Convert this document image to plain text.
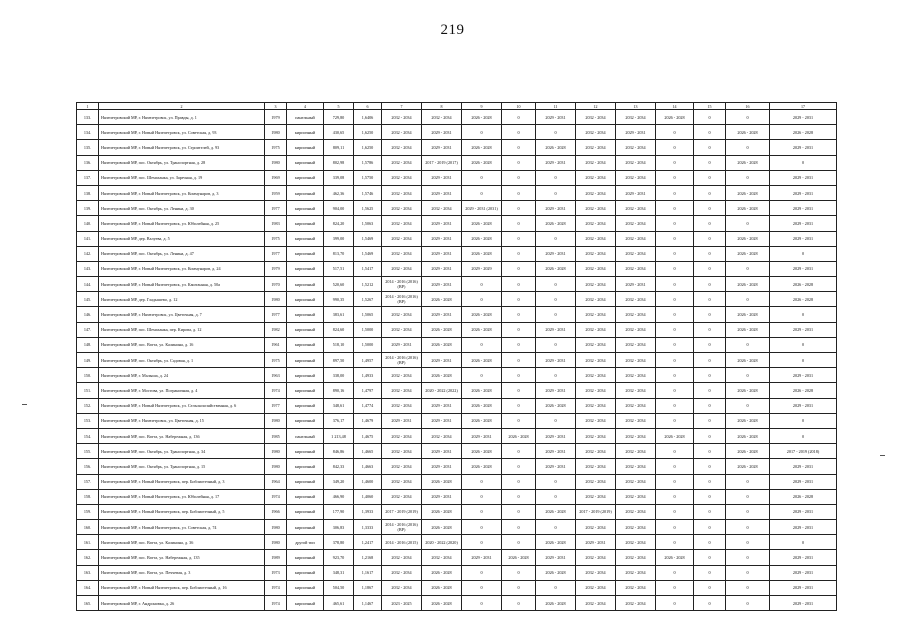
219
1	2	3	4	5	6	7	8	9	10	11	12	13	14	15	16	17
133.	Нязепетровский МР, г. Нязепетровск, ул. Правды, д. 1	1979	панельный	729,80	1,6406	2032 - 2034	2032 - 2034	2026 - 2028	0	2029 - 2031	2032 - 2034	2032 - 2034	2026 - 2028	0	0	2029 - 2031
134.	Нязепетровский МР, г. Новый Нязепетровск, ул. Советская, д. 93	1980	кирпичный	430,65	1,6250	2032 - 2034	2029 - 2031	0	0	0	2032 - 2034	2029 - 2031	0	0	2026 - 2028	2026 - 2028
135.	Нязепетровский МР, г. Новый Нязепетровск, ул. Строителей, д. 93	1975	кирпичный	809,11	1,6250	2032 - 2034	2029 - 2031	2026 - 2028	0	2026 - 2028	2032 - 2034	2032 - 2034	0	0	0	2029 - 2031
136.	Нязепетровский МР, пос. Октябрь, ул. Транспортная, д. 28	1980	кирпичный	802,98	1,5786	2032 - 2034	2017 - 2019 (2017)	2026 - 2028	0	2029 - 2031	2032 - 2034	2032 - 2034	0	0	2026 - 2028	0
137.	Нязепетровский МР, пос. Шемаханка, ул. Заречная, д. 19	1969	кирпичный	339,08	1,5750	2032 - 2034	2029 - 2031	0	0	0	2032 - 2034	2032 - 2034	0	0	0	2029 - 2031
138.	Нязепетровский МР, г. Новый Нязепетровск, ул. Коммунаров, д. 3	1959	кирпичный	462,36	1,5746	2032 - 2034	2029 - 2031	0	0	0	2032 - 2034	2029 - 2031	0	0	2026 - 2028	2029 - 2031
139.	Нязепетровский МР, пос. Октябрь, ул. Ленина, д. 30	1977	кирпичный	904,00	1,5625	2032 - 2034	2032 - 2034	2029 - 2031 (2031)	0	2029 - 2031	2032 - 2034	2032 - 2034	0	0	2026 - 2028	2029 - 2031
140.	Нязепетровский МР, г. Новый Нязепетровск, ул. Юбилейная, д. 25	1983	кирпичный	824,20	1,5063	2032 - 2034	2029 - 2031	2026 - 2028	0	2026 - 2028	2032 - 2034	2032 - 2034	0	0	0	2029 - 2031
141.	Нязепетровский МР, дер. Валуева, д. 5	1975	кирпичный	399,00	1,5469	2032 - 2034	2029 - 2031	2026 - 2028	0	0	2032 - 2034	2032 - 2034	0	0	2026 - 2028	2029 - 2031
142.	Нязепетровский МР, пос. Октябрь, ул. Ленина, д. 47	1977	кирпичный	813,70	1,5469	2032 - 2034	2029 - 2031	2026 - 2028	0	2029 - 2031	2032 - 2034	2032 - 2034	0	0	2026 - 2028	0
143.	Нязепетровский МР, г. Новый Нязепетровск, ул. Коммунаров, д. 24	1979	кирпичный	517,51	1,5417	2032 - 2034	2029 - 2031	2029 - 2029	0	2026 - 2028	2032 - 2034	2032 - 2034	0	0	0	2029 - 2031
144.	Нязепетровский МР, г. Новый Нязепетровск, ул. Каштанная, д. 50а	1970	кирпичный	520,60	1,5212	2014 - 2016 (2016)(ВР)	2029 - 2031	0	0	0	2032 - 2034	2029 - 2031	0	0	2026 - 2028	2026 - 2028
145.	Нязепетровский МР, дер. Гладышево, д. 12	1980	кирпичный	990,35	1,5267	2014 - 2016 (2016)(ВР)	2026 - 2028	0	0	0	2032 - 2034	2032 - 2034	0	0	0	2026 - 2028
146.	Нязепетровский МР, г. Нязепетровск, ул. Цветочная, д. 7	1977	кирпичный	383,61	1,5065	2032 - 2034	2029 - 2031	2026 - 2028	0	0	2032 - 2034	2032 - 2034	0	0	2026 - 2028	0
147.	Нязепетровский МР, пос. Шемаханка, пер. Кирова, д. 12	1982	кирпичный	824,60	1,5000	2032 - 2034	2026 - 2028	2026 - 2028	0	2029 - 2031	2032 - 2034	2032 - 2034	0	0	2026 - 2028	2029 - 2031
148.	Нязепетровский МР, пос. Ватта, ул. Калинина, д. 16	1961	кирпичный	518,10	1,5000	2029 - 2031	2026 - 2028	0	0	0	2032 - 2034	2032 - 2034	0	0	0	0
149.	Нязепетровский МР, пос. Октябрь, ул. Садовая, д. 1	1975	кирпичный	897,50	1,4957	2014 - 2016 (2016)(ВР)	2029 - 2031	2026 - 2028	0	2029 - 2031	2032 - 2034	2032 - 2034	0	0	2026 - 2028	0
150.	Нязепетровский МР, г. Малыша, д. 24	1963	кирпичный	338,00	1,4933	2032 - 2034	2026 - 2028	0	0	0	2032 - 2034	2032 - 2034	0	0	0	2029 - 2031
151.	Нязепетровский МР, г. Мостова, ул. Пограничная, д. 4	1974	кирпичный	890,16	1,4797	2032 - 2034	2020 - 2022 (2022)	2026 - 2028	0	2029 - 2031	2032 - 2034	2032 - 2034	0	0	2026 - 2028	2026 - 2028
152.	Нязепетровский МР, г. Новый Нязепетровск, ул. Сельскохозяйственная, д. 6	1977	кирпичный	348,61	1,4774	2032 - 2034	2029 - 2031	2026 - 2028	0	2026 - 2028	2032 - 2034	2032 - 2034	0	0	0	2029 - 2031
153.	Нязепетровский МР, г. Нязепетровск, ул. Цветочная, д. 15	1980	кирпичный	376,17	1,4679	2029 - 2031	2029 - 2031	2026 - 2028	0	0	2032 - 2034	2032 - 2034	0	0	2026 - 2028	0
154.	Нязепетровский МР, пос. Ватта, ул. Набережная, д. 136	1985	панельный	1 213,48	1,4675	2032 - 2034	2032 - 2034	2029 - 2031	2026 - 2028	2029 - 2031	2032 - 2034	2032 - 2034	2026 - 2028	0	2026 - 2028	0
155.	Нязепетровский МР, пос. Октябрь, ул. Транспортная, д. 34	1980	кирпичный	846,86	1,4665	2032 - 2034	2029 - 2031	2026 - 2028	0	2029 - 2031	2032 - 2034	2032 - 2034	0	0	2026 - 2028	2017 - 2019 (2018)
156.	Нязепетровский МР, пос. Октябрь, ул. Транспортная, д. 15	1980	кирпичный	842,33	1,4663	2032 - 2034	2029 - 2031	2026 - 2028	0	2029 - 2031	2032 - 2034	2032 - 2034	0	0	2026 - 2028	2029 - 2031
157.	Нязепетровский МР, г. Новый Нязепетровск, пер. Библиотечный, д. 3	1964	кирпичный	349,20	1,4600	2032 - 2034	2026 - 2028	0	0	0	2032 - 2034	2032 - 2034	0	0	0	2029 - 2031
158.	Нязепетровский МР, г. Новый Нязепетровск, ул. Юбилейная, д. 17	1974	кирпичный	466,90	1,4060	2032 - 2034	2029 - 2031	0	0	0	2032 - 2034	2032 - 2034	0	0	0	2026 - 2028
159.	Нязепетровский МР, г. Новый Нязепетровск, пер. Библиотечный, д. 5	1966	кирпичный	177,90	1,3933	2017 - 2019 (2019)	2026 - 2028	0	0	2026 - 2028	2017 - 2019 (2019)	2032 - 2034	0	0	0	2029 - 2031
160.	Нязепетровский МР, г. Новый Нязепетровск, ул. Советская, д. 74	1980	кирпичный	306,83	1,3333	2014 - 2016 (2016)(ВР)	2026 - 2028	0	0	0	2032 - 2034	2032 - 2034	0	0	0	2029 - 2031
161.	Нязепетровский МР, пос. Ватта, ул. Калинина, д. 36	1980	другой тип	378,80	1,2417	2014 - 2016 (2015)	2020 - 2022 (2020)	0	0	2026 - 2028	2029 - 2031	2032 - 2034	0	0	0	0
162.	Нязепетровский МР, пос. Ватта, ул. Набережная, д. 135	1989	кирпичный	923,70	1,2168	2032 - 2034	2032 - 2034	2029 - 2031	2026 - 2028	2029 - 2031	2032 - 2034	2032 - 2034	2026 - 2028	0	0	2029 - 2031
163.	Нязепетровский МР, пос. Ватта, ул. Печчевая, д. 3	1973	кирпичный	348,31	1,1617	2032 - 2034	2026 - 2028	0	0	2026 - 2028	2032 - 2034	2032 - 2034	0	0	0	2029 - 2031
164.	Нязепетровский МР, г. Новый Нязепетровск, пер. Библиотечный, д. 16	1974	кирпичный	504,50	1,1867	2032 - 2034	2026 - 2028	0	0	0	2032 - 2034	2032 - 2034	0	0	0	2029 - 2031
165.	Нязепетровский МР, г. Андроновка, д. 26	1974	кирпичный	465,61	1,1467	2023 - 2025	2026 - 2028	0	0	2026 - 2028	2032 - 2034	2032 - 2034	0	0	0	2029 - 2031
